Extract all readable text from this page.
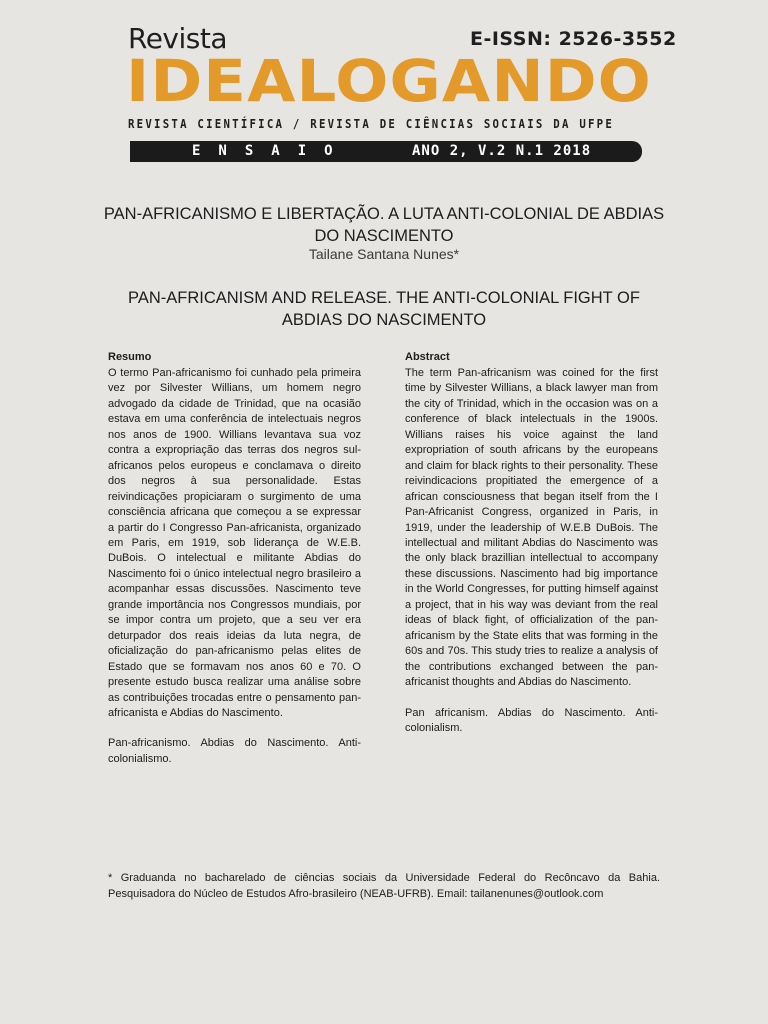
Revista	E-ISSN: 2526-3552
IDEALOGANDO
REVISTA CIENTÍFICA / REVISTA DE CIÊNCIAS SOCIAIS DA UFPE
ENSAIO	ANO 2, V.2 N.1 2018
PAN-AFRICANISMO E LIBERTAÇÃO. A LUTA ANTI-COLONIAL DE ABDIAS DO NASCIMENTO
Tailane Santana Nunes*
PAN-AFRICANISM AND RELEASE. THE ANTI-COLONIAL FIGHT OF ABDIAS DO NASCIMENTO
Resumo

O termo Pan-africanismo foi cunhado pela primeira vez por Silvester Willians, um homem negro advogado da cidade de Trinidad, que na ocasião estava em uma conferência de intelectuais negros nos anos de 1900. Willians levantava sua voz contra a expropriação das terras dos negros sul-africanos pelos europeus e conclamava o direito dos negros à sua personalidade. Estas reivindicações propiciaram o surgimento de uma consciência africana que começou a se expressar a partir do I Congresso Pan-africanista, organizado em Paris, em 1919, sob liderança de W.E.B. DuBois. O intelectual e militante Abdias do Nascimento foi o único intelectual negro brasileiro a acompanhar essas discussões. Nascimento teve grande importância nos Congressos mundiais, por se impor contra um projeto, que a seu ver era deturpador dos reais ideias da luta negra, de oficialização do pan-africanismo pelas elites de Estado que se formavam nos anos 60 e 70. O presente estudo busca realizar uma análise sobre as contribuições trocadas entre o pensamento pan-africanista e Abdias do Nascimento.

Pan-africanismo. Abdias do Nascimento. Anti-colonialismo.

Abstract

The term Pan-africanism was coined for the first time by Silvester Willians, a black lawyer man from the city of Trinidad, which in the occasion was on a conference of black intelectuals in the 1900s. Willians raises his voice against the land expropriation of south africans by the europeans and claim for black rights to their personality. These reivindicacions propitiated the emergence of a african consciousness that began itself from the I Pan-Africanist Congress, organized in Paris, in 1919, under the leadership of W.E.B DuBois. The intellectual and militant Abdias do Nascimento was the only black brazillian intellectual to accompany these discussions. Nascimento had big importance in the World Congresses, for putting himself against a project, that in his way was deviant from the real ideas of black fight, of officialization of the pan-africanism by the State elits that was forming in the 60s and 70s. This study tries to realize a analysis of the contributions exchanged between the pan-africanist thoughts and Abdias do Nascimento.

Pan africanism. Abdias do Nascimento. Anti-colonialism.

* Graduanda no bacharelado de ciências sociais da Universidade Federal do Recôncavo da Bahia. Pesquisadora do Núcleo de Estudos Afro-brasileiro (NEAB-UFRB). Email: tailanenunes@outlook.com
